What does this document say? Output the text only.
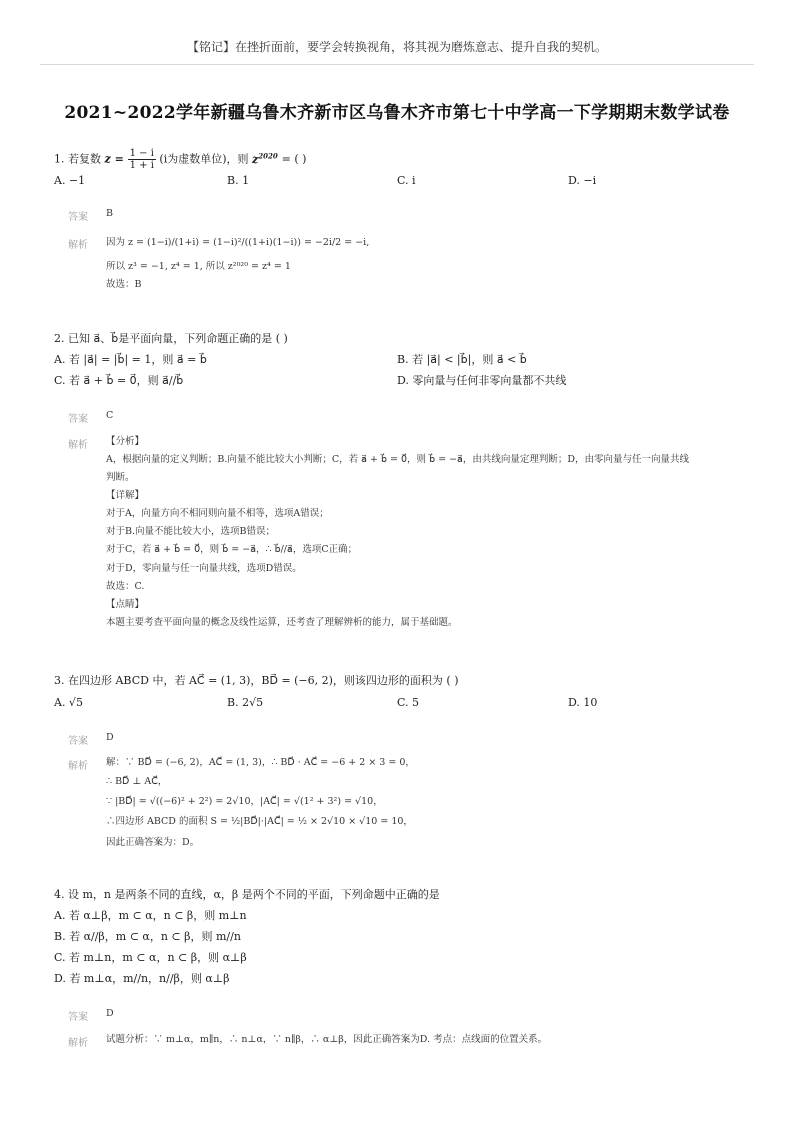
【铭记】在挫折面前，要学会转换视角，将其视为磨炼意志、提升自我的契机。
2021~2022学年新疆乌鲁木齐新市区乌鲁木齐市第七十中学高一下学期期末数学试卷
1. 若复数 $z = \frac{1 - i}{1 + i} (i$为虚数单位)，则 $z^{2020}$ = ( )
A. −1	B. 1	C. i	D. −i
答案 B
解析 因为 z = (1−i)/(1+i) = (1−i)²/((1+i)(1−i)) = −2i/2 = −i,
所以 z³ = −1, z⁴ = 1, 所以 z²⁰²⁰ = z⁴ = 1
故选：B
2. 已知 a⃗、b⃗是平面向量，下列命题正确的是 ( )
A. 若 |a⃗| = |b⃗| = 1，则 a⃗ = b⃗	B. 若 |a⃗| < |b⃗|，则 a⃗ < b⃗
C. 若 a⃗ + b⃗ = 0⃗，则 a⃗//b⃗	D. 零向量与任何非零向量都不共线
答案 C
解析 【分析】
A，根据向量的定义判断；B.向量不能比较大小判断；C，若 a⃗ + b⃗ = 0⃗，则 b⃗ = −a⃗，由共线向量定理判断；D，由零向量与任一向量共线
判断。
【详解】
对于A，向量方向不相同则向量不相等，选项A错误；
对于B.向量不能比较大小，选项B错误；
对于C，若 a⃗ + b⃗ = 0⃗，则 b⃗ = −a⃗，∴ b⃗//a⃗，选项C正确；
对于D，零向量与任一向量共线，选项D错误。
故选：C.
【点睛】
本题主要考查平面向量的概念及线性运算，还考查了理解辨析的能力，属于基础题。
3. 在四边形 ABCD 中，若 AC⃗ = (1, 3)，BD⃗ = (−6, 2)，则该四边形的面积为 ( )
A. √5	B. 2√5	C. 5	D. 10
答案 D
解析 解：∵ BD⃗ = (−6, 2)，AC⃗ = (1, 3)，∴ BD⃗ · AC⃗ = −6 + 2 × 3 = 0，
∴ BD⃗ ⊥ AC⃗，
∵ |BD⃗| = √((−6)² + 2²) = 2√10，|AC⃗| = √(1² + 3²) = √10，
∴四边形 ABCD 的面积 S = ½|BD⃗|·|AC⃗| = ½ × 2√10 × √10 = 10，
因此正确答案为：D。
4. 设 m，n 是两条不同的直线，α，β 是两个不同的平面，下列命题中正确的是
A. 若 α⊥β，m ⊂ α，n ⊂ β，则 m⊥n
B. 若 α//β，m ⊂ α，n ⊂ β，则 m//n
C. 若 m⊥n，m ⊂ α，n ⊂ β，则 α⊥β
D. 若 m⊥α，m//n，n//β，则 α⊥β
答案 D
解析 试题分析：∵ m⊥α，m∥n，∴ n⊥α，∵ n∥β，∴ α⊥β，因此正确答案为D. 考点：点线面的位置关系。
